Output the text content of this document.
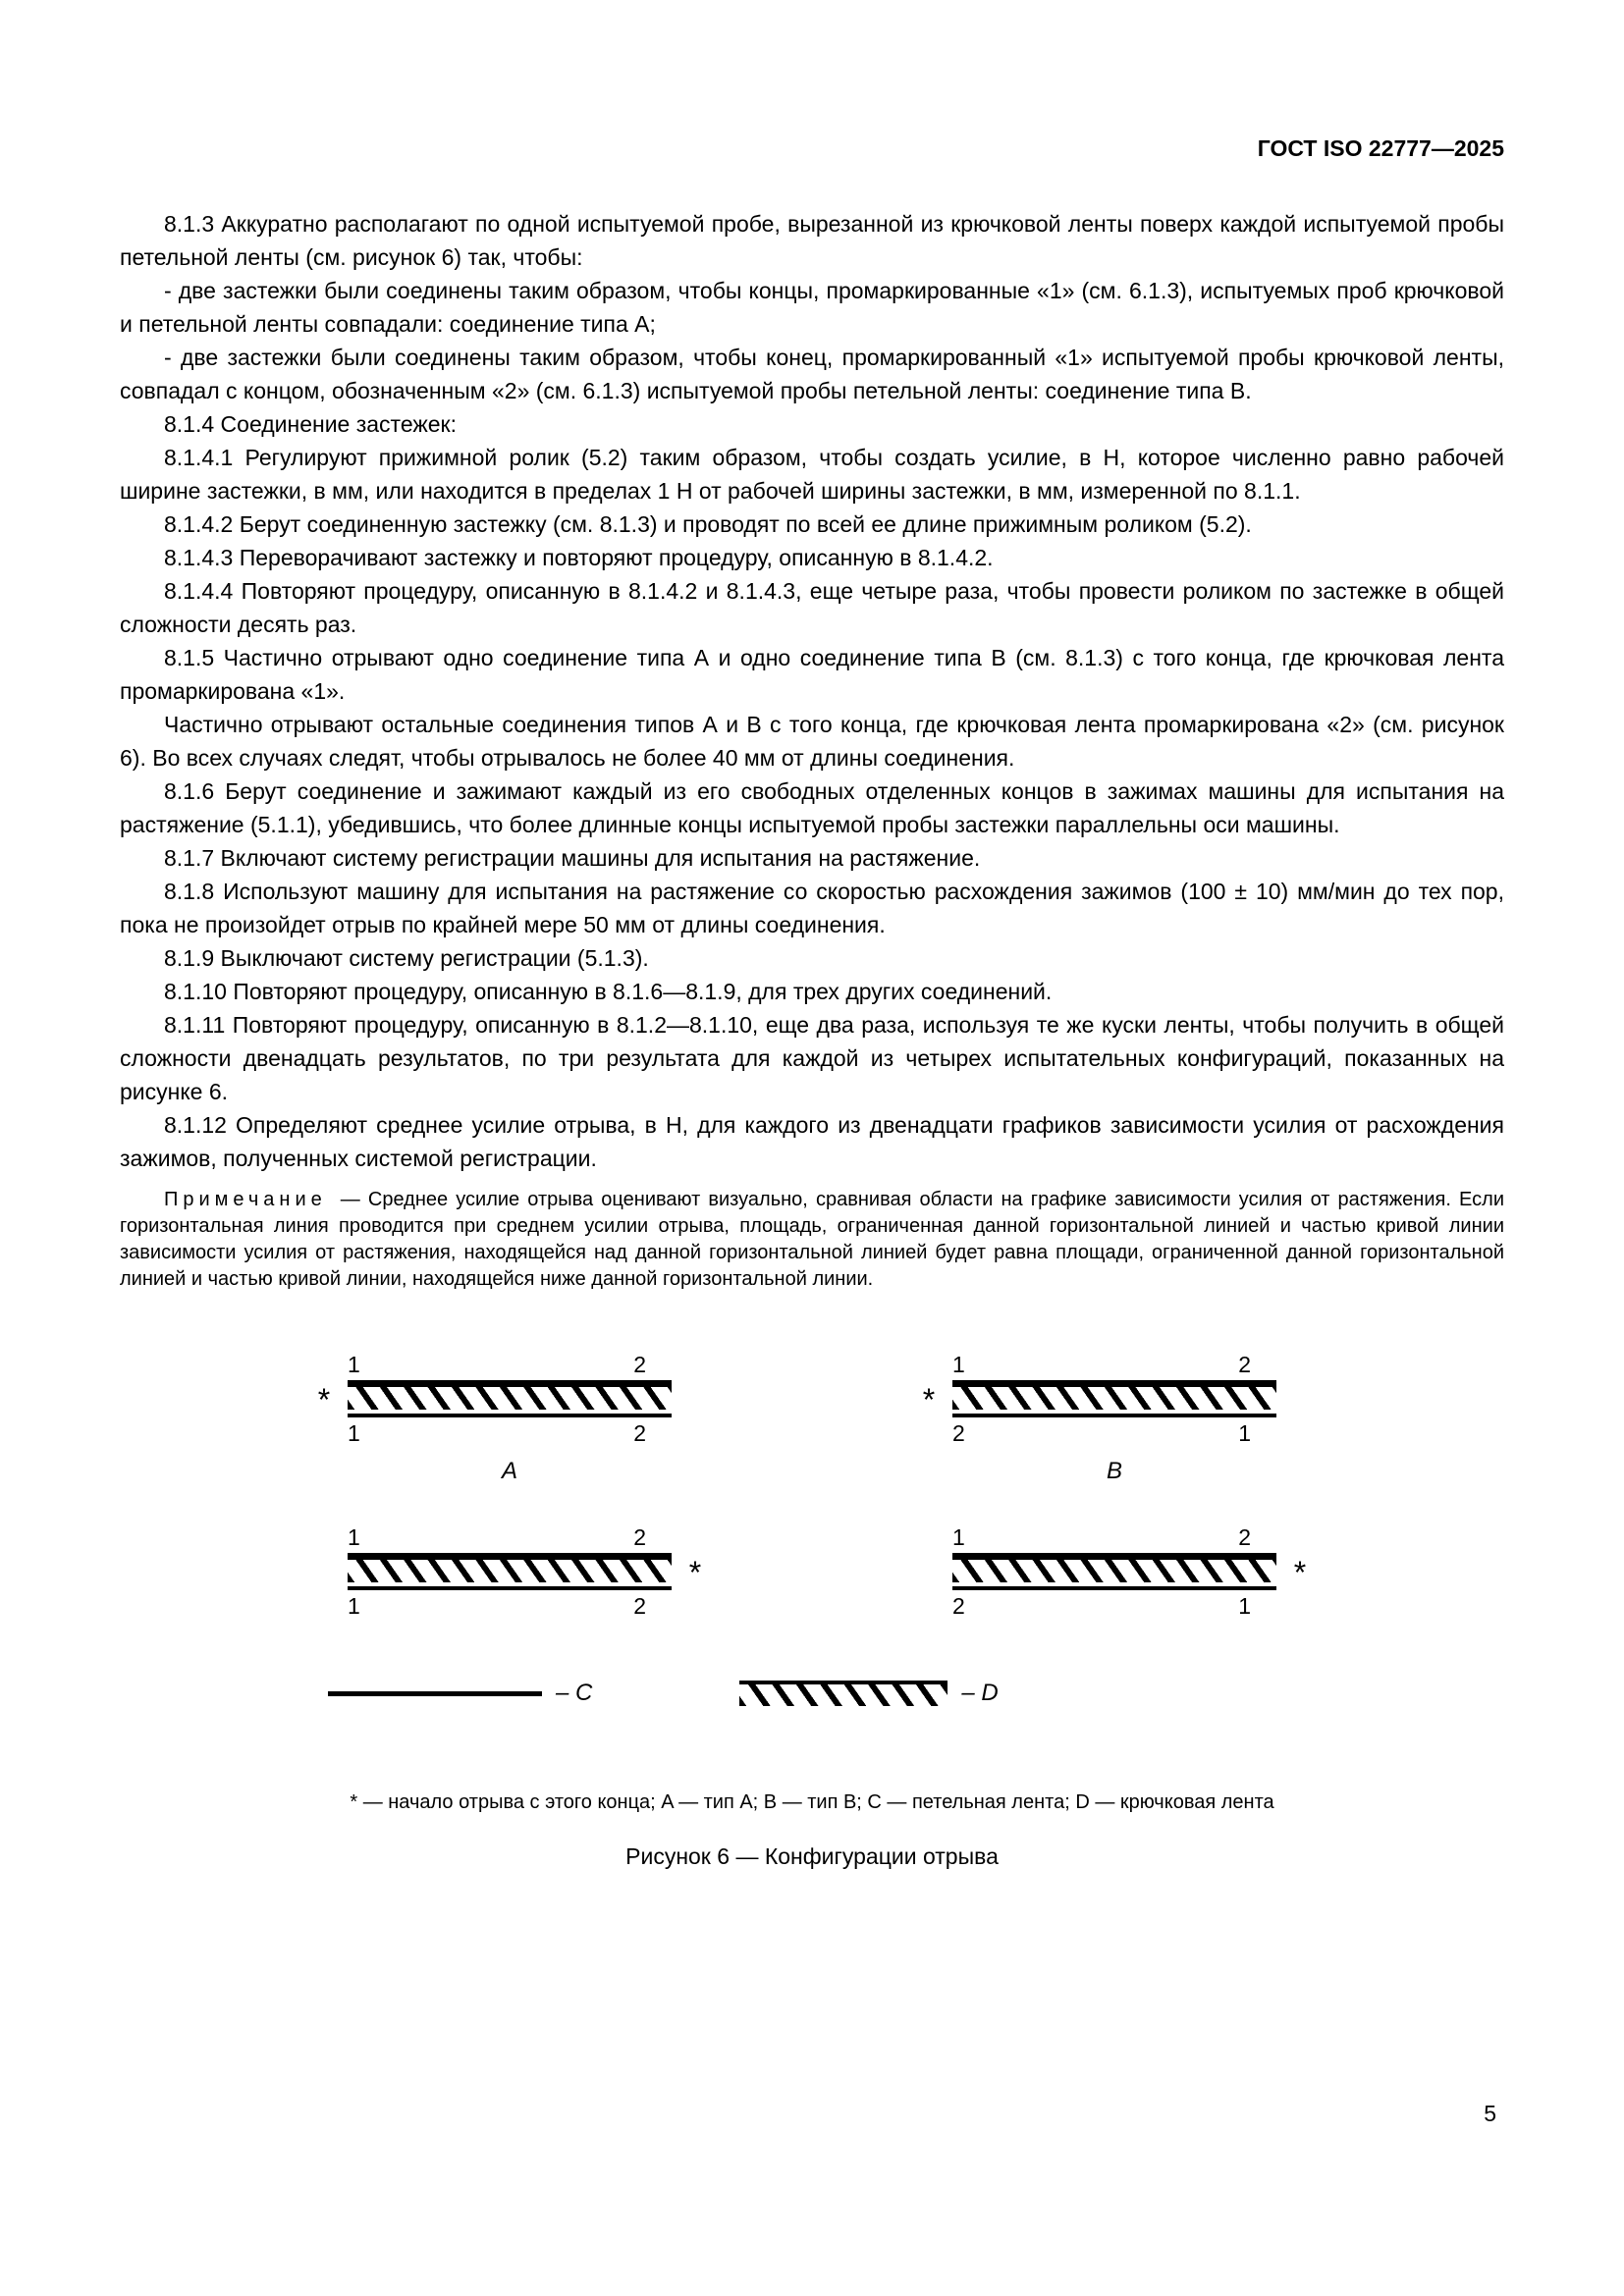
ГОСТ ISO 22777—2025

8.1.3 Аккуратно располагают по одной испытуемой пробе, вырезанной из крючковой ленты поверх каждой испытуемой пробы петельной ленты (см. рисунок 6) так, чтобы:

- две застежки были соединены таким образом, чтобы концы, промаркированные «1» (см. 6.1.3), испытуемых проб крючковой и петельной ленты совпадали: соединение типа А;

- две застежки были соединены таким образом, чтобы конец, промаркированный «1» испытуемой пробы крючковой ленты, совпадал с концом, обозначенным «2» (см. 6.1.3) испытуемой пробы петельной ленты: соединение типа В.

8.1.4 Соединение застежек:

8.1.4.1 Регулируют прижимной ролик (5.2) таким образом, чтобы создать усилие, в Н, которое численно равно рабочей ширине застежки, в мм, или находится в пределах 1 Н от рабочей ширины застежки, в мм, измеренной по 8.1.1.

8.1.4.2 Берут соединенную застежку (см. 8.1.3) и проводят по всей ее длине прижимным роликом (5.2).

8.1.4.3 Переворачивают застежку и повторяют процедуру, описанную в 8.1.4.2.

8.1.4.4 Повторяют процедуру, описанную в 8.1.4.2 и 8.1.4.3, еще четыре раза, чтобы провести роликом по застежке в общей сложности десять раз.

8.1.5 Частично отрывают одно соединение типа А и одно соединение типа В (см. 8.1.3) с того конца, где крючковая лента промаркирована «1».

Частично отрывают остальные соединения типов А и В с того конца, где крючковая лента промаркирована «2» (см. рисунок 6). Во всех случаях следят, чтобы отрывалось не более 40 мм от длины соединения.

8.1.6 Берут соединение и зажимают каждый из его свободных отделенных концов в зажимах машины для испытания на растяжение (5.1.1), убедившись, что более длинные концы испытуемой пробы застежки параллельны оси машины.

8.1.7 Включают систему регистрации машины для испытания на растяжение.

8.1.8 Используют машину для испытания на растяжение со скоростью расхождения зажимов (100 ± 10) мм/мин до тех пор, пока не произойдет отрыв по крайней мере 50 мм от длины соединения.

8.1.9 Выключают систему регистрации (5.1.3).

8.1.10 Повторяют процедуру, описанную в 8.1.6—8.1.9, для трех других соединений.

8.1.11 Повторяют процедуру, описанную в 8.1.2—8.1.10, еще два раза, используя те же куски ленты, чтобы получить в общей сложности двенадцать результатов, по три результата для каждой из четырех испытательных конфигураций, показанных на рисунке 6.

8.1.12 Определяют среднее усилие отрыва, в Н, для каждого из двенадцати графиков зависимости усилия от расхождения зажимов, полученных системой регистрации.

Примечание — Среднее усилие отрыва оценивают визуально, сравнивая области на графике зависимости усилия от растяжения. Если горизонтальная линия проводится при среднем усилии отрыва, площадь, ограниченная данной горизонтальной линией и частью кривой линии зависимости усилия от растяжения, находящейся над данной горизонтальной линией будет равна площади, ограниченной данной горизонтальной линией и частью кривой линии, находящейся ниже данной горизонтальной линии.

1	2
*
1	2
A
1	2
*
2	1
B
1	2
*
1	2
1	2
*
2	1
– C	– D
* — начало отрыва с этого конца; A — тип А; B — тип В; C — петельная лента; D — крючковая лента
Рисунок 6 — Конфигурации отрыва
5
